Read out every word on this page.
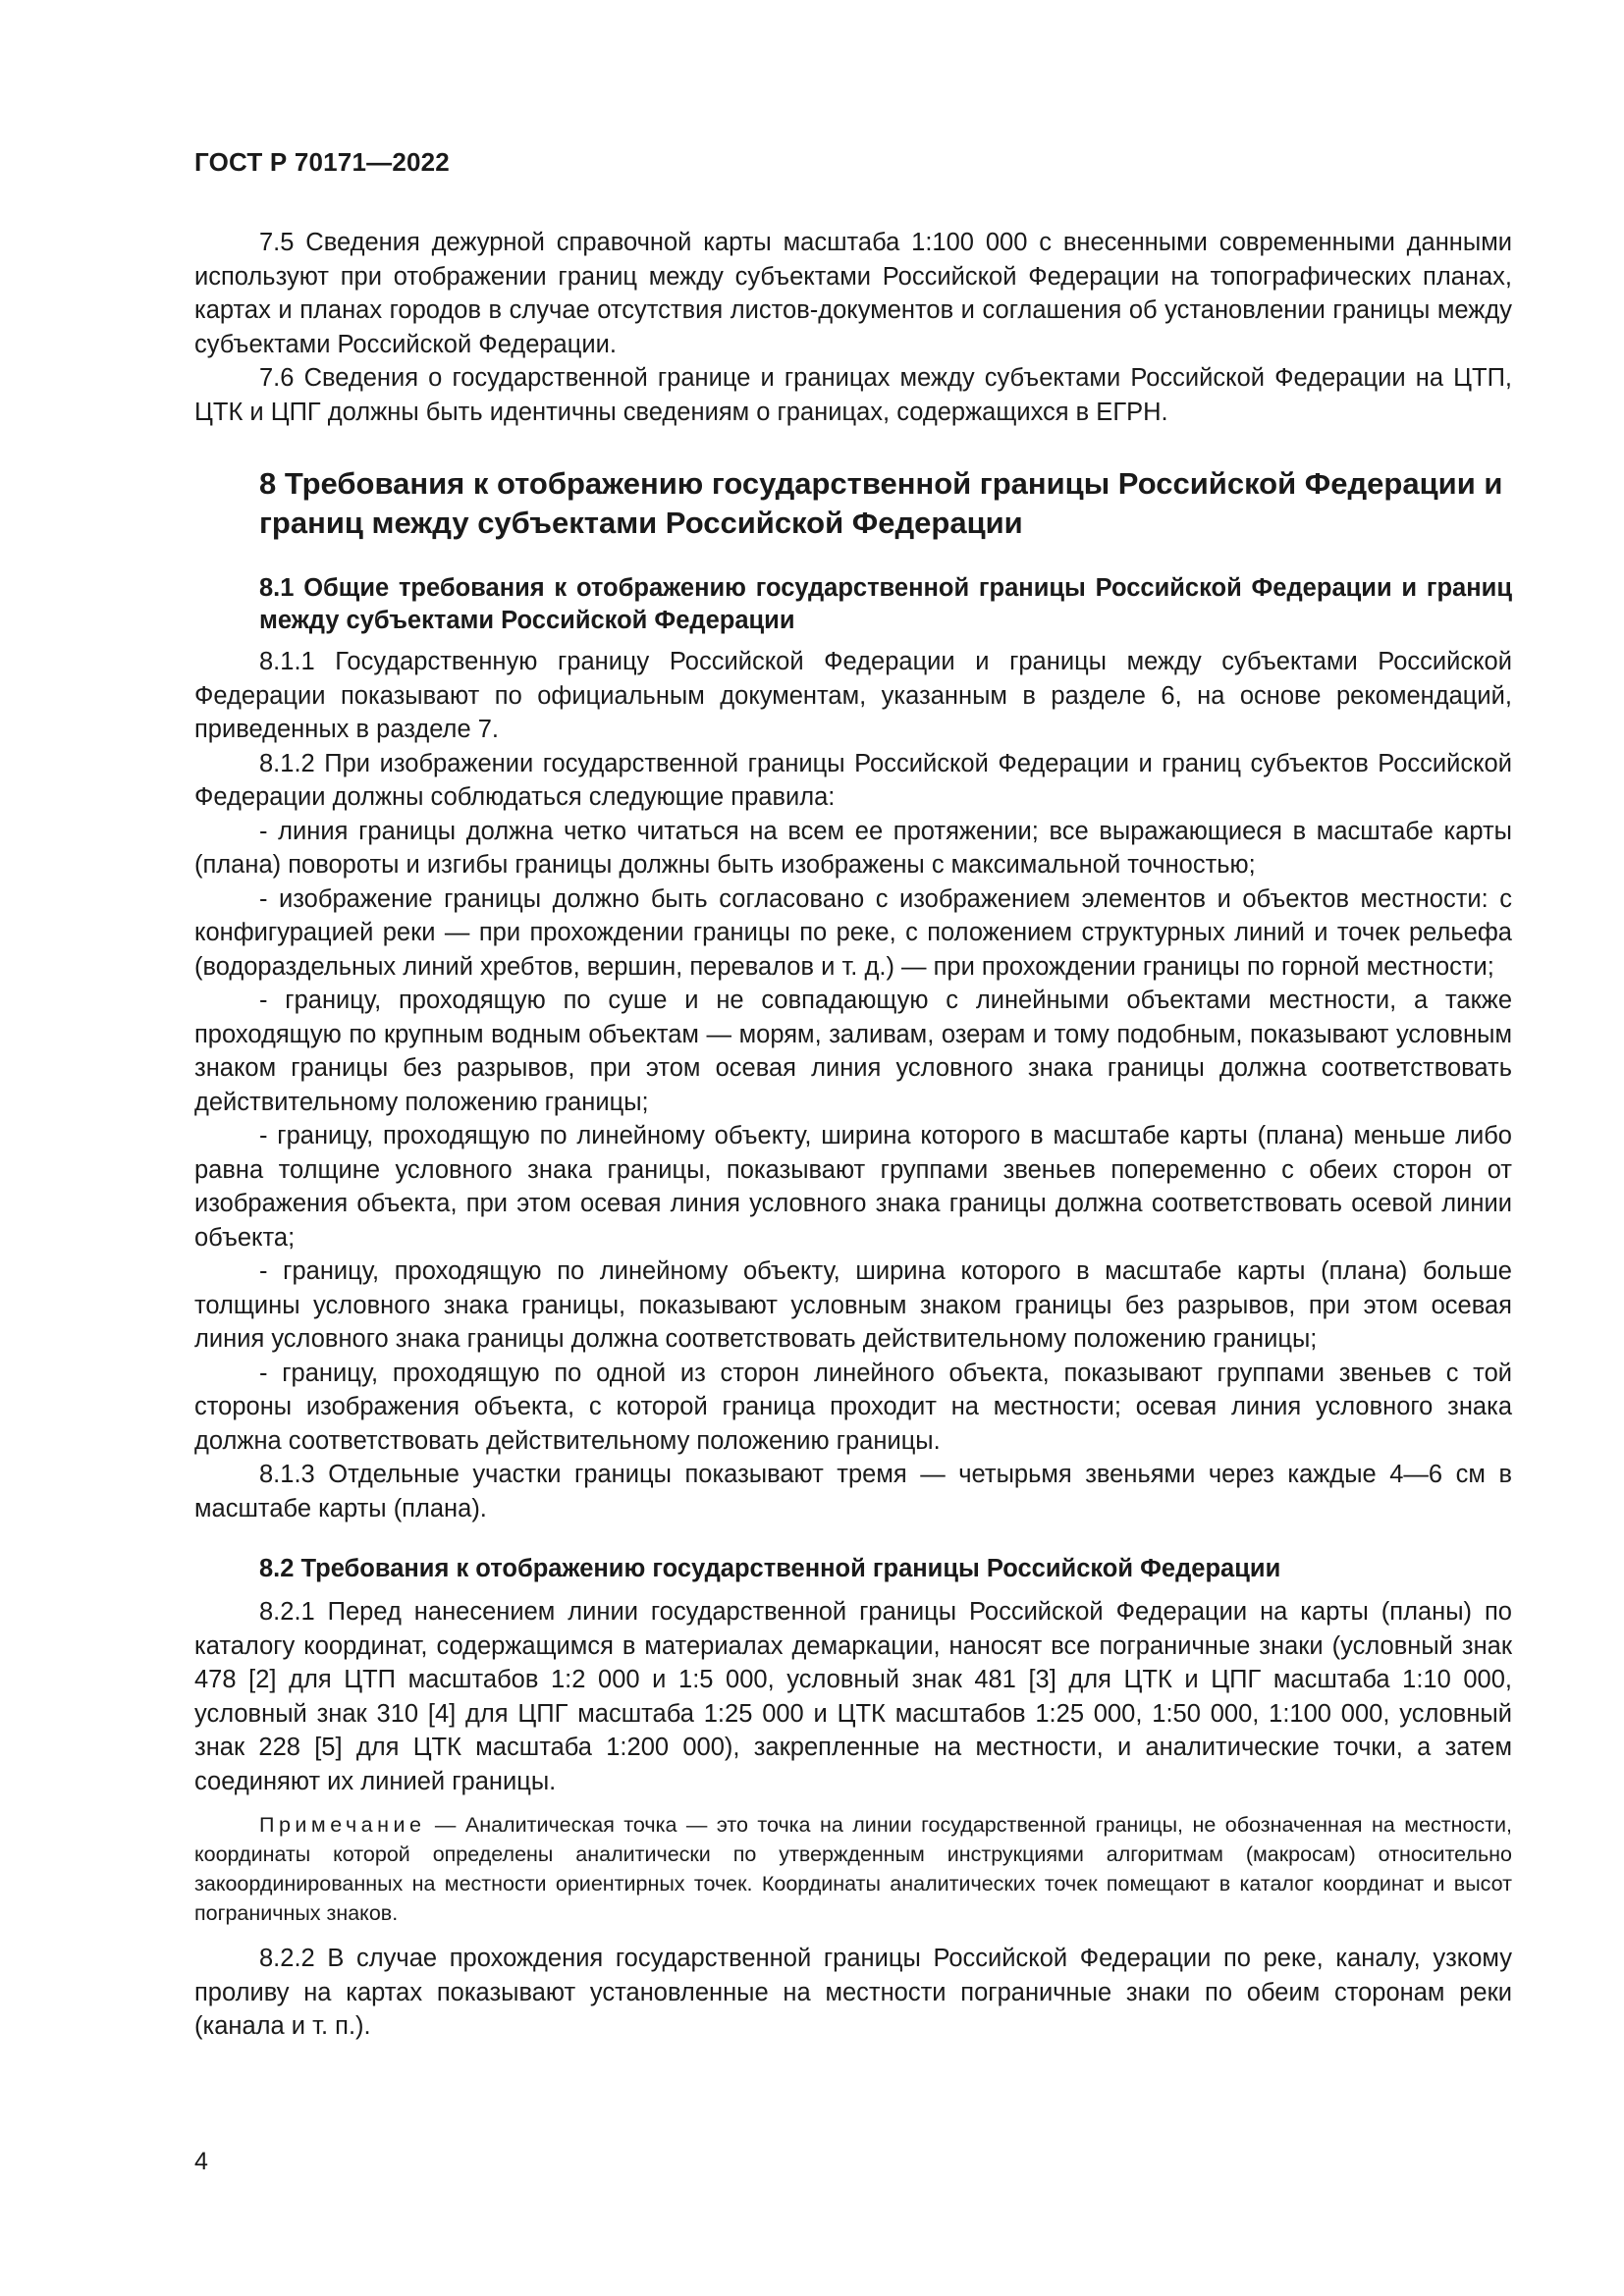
ГОСТ Р 70171—2022

7.5 Сведения дежурной справочной карты масштаба 1:100 000 с внесенными современными данными используют при отображении границ между субъектами Российской Федерации на топографических планах, картах и планах городов в случае отсутствия листов-документов и соглашения об установлении границы между субъектами Российской Федерации.

7.6 Сведения о государственной границе и границах между субъектами Российской Федерации на ЦТП, ЦТК и ЦПГ должны быть идентичны сведениям о границах, содержащихся в ЕГРН.

8 Требования к отображению государственной границы Российской Федерации и границ между субъектами Российской Федерации
8.1 Общие требования к отображению государственной границы Российской Федерации и границ между субъектами Российской Федерации

8.1.1 Государственную границу Российской Федерации и границы между субъектами Российской Федерации показывают по официальным документам, указанным в разделе 6, на основе рекомендаций, приведенных в разделе 7.

8.1.2 При изображении государственной границы Российской Федерации и границ субъектов Российской Федерации должны соблюдаться следующие правила:

- линия границы должна четко читаться на всем ее протяжении; все выражающиеся в масштабе карты (плана) повороты и изгибы границы должны быть изображены с максимальной точностью;

- изображение границы должно быть согласовано с изображением элементов и объектов местности: с конфигурацией реки — при прохождении границы по реке, с положением структурных линий и точек рельефа (водораздельных линий хребтов, вершин, перевалов и т. д.) — при прохождении границы по горной местности;

- границу, проходящую по суше и не совпадающую с линейными объектами местности, а также проходящую по крупным водным объектам — морям, заливам, озерам и тому подобным, показывают условным знаком границы без разрывов, при этом осевая линия условного знака границы должна соответствовать действительному положению границы;

- границу, проходящую по линейному объекту, ширина которого в масштабе карты (плана) меньше либо равна толщине условного знака границы, показывают группами звеньев попеременно с обеих сторон от изображения объекта, при этом осевая линия условного знака границы должна соответствовать осевой линии объекта;

- границу, проходящую по линейному объекту, ширина которого в масштабе карты (плана) больше толщины условного знака границы, показывают условным знаком границы без разрывов, при этом осевая линия условного знака границы должна соответствовать действительному положению границы;

- границу, проходящую по одной из сторон линейного объекта, показывают группами звеньев с той стороны изображения объекта, с которой граница проходит на местности; осевая линия условного знака должна соответствовать действительному положению границы.

8.1.3 Отдельные участки границы показывают тремя — четырьмя звеньями через каждые 4—6 см в масштабе карты (плана).

8.2 Требования к отображению государственной границы Российской Федерации

8.2.1 Перед нанесением линии государственной границы Российской Федерации на карты (планы) по каталогу координат, содержащимся в материалах демаркации, наносят все пограничные знаки (условный знак 478 [2] для ЦТП масштабов 1:2 000 и 1:5 000, условный знак 481 [3] для ЦТК и ЦПГ масштаба 1:10 000, условный знак 310 [4] для ЦПГ масштаба 1:25 000 и ЦТК масштабов 1:25 000, 1:50 000, 1:100 000, условный знак 228 [5] для ЦТК масштаба 1:200 000), закрепленные на местности, и аналитические точки, а затем соединяют их линией границы.

Примечание — Аналитическая точка — это точка на линии государственной границы, не обозначенная на местности, координаты которой определены аналитически по утвержденным инструкциями алгоритмам (макросам) относительно закоординированных на местности ориентирных точек. Координаты аналитических точек помещают в каталог координат и высот пограничных знаков.

8.2.2 В случае прохождения государственной границы Российской Федерации по реке, каналу, узкому проливу на картах показывают установленные на местности пограничные знаки по обеим сторонам реки (канала и т. п.).

4
